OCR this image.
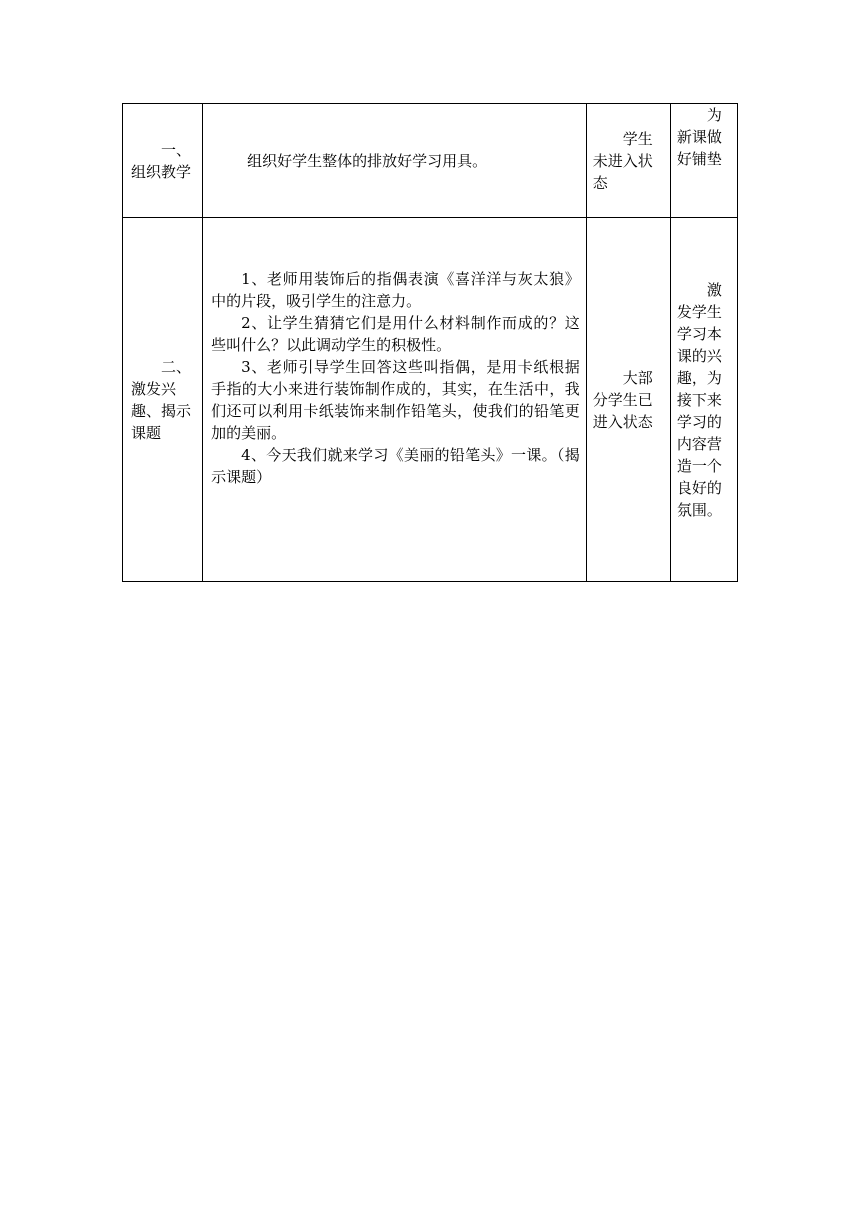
一、组织教学	组织好学生整体的排放好学习用具。	学生未进入状态	为新课做好铺垫

二、激发兴趣、揭示课题	1、老师用装饰后的指偶表演《喜洋洋与灰太狼》中的片段，吸引学生的注意力。

2、让学生猜猜它们是用什么材料制作而成的？这些叫什么？以此调动学生的积极性。

3、老师引导学生回答这些叫指偶，是用卡纸根据手指的大小来进行装饰制作成的，其实，在生活中，我们还可以利用卡纸装饰来制作铅笔头，使我们的铅笔更加的美丽。

4、今天我们就来学习《美丽的铅笔头》一课。（揭示课题）	大部分学生已进入状态	激发学生学习本课的兴趣，为接下来学习的内容营造一个良好的氛围。
